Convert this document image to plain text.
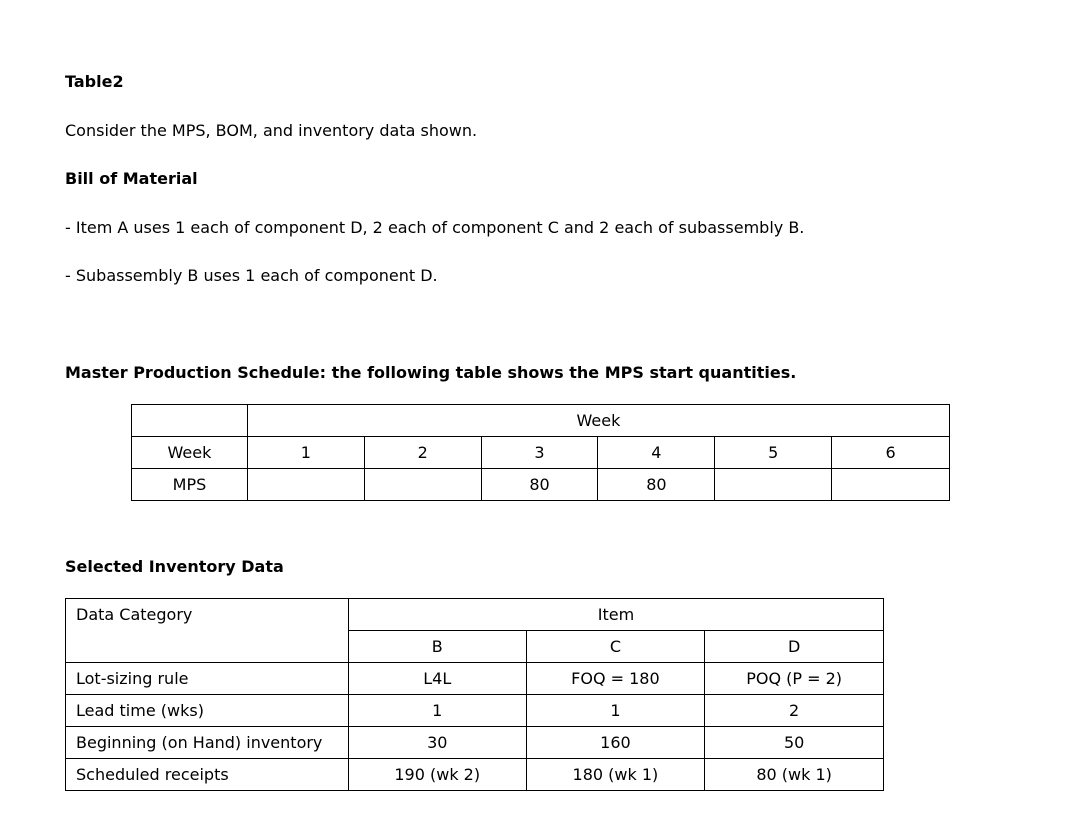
Table2
Consider the MPS, BOM, and inventory data shown.
Bill of Material
- Item A uses 1 each of component D, 2 each of component C and 2 each of subassembly B.
- Subassembly B uses 1 each of component D.
Master Production Schedule: the following table shows the MPS start quantities.
	Week					
Week	1	2	3	4	5	6
MPS			80	80		
Selected Inventory Data
Data Category	Item		
	B	C	D
Lot-sizing rule	L4L	FOQ = 180	POQ (P = 2)
Lead time (wks)	1	1	2
Beginning (on Hand) inventory	30	160	50
Scheduled receipts	190 (wk 2)	180 (wk 1)	80 (wk 1)
